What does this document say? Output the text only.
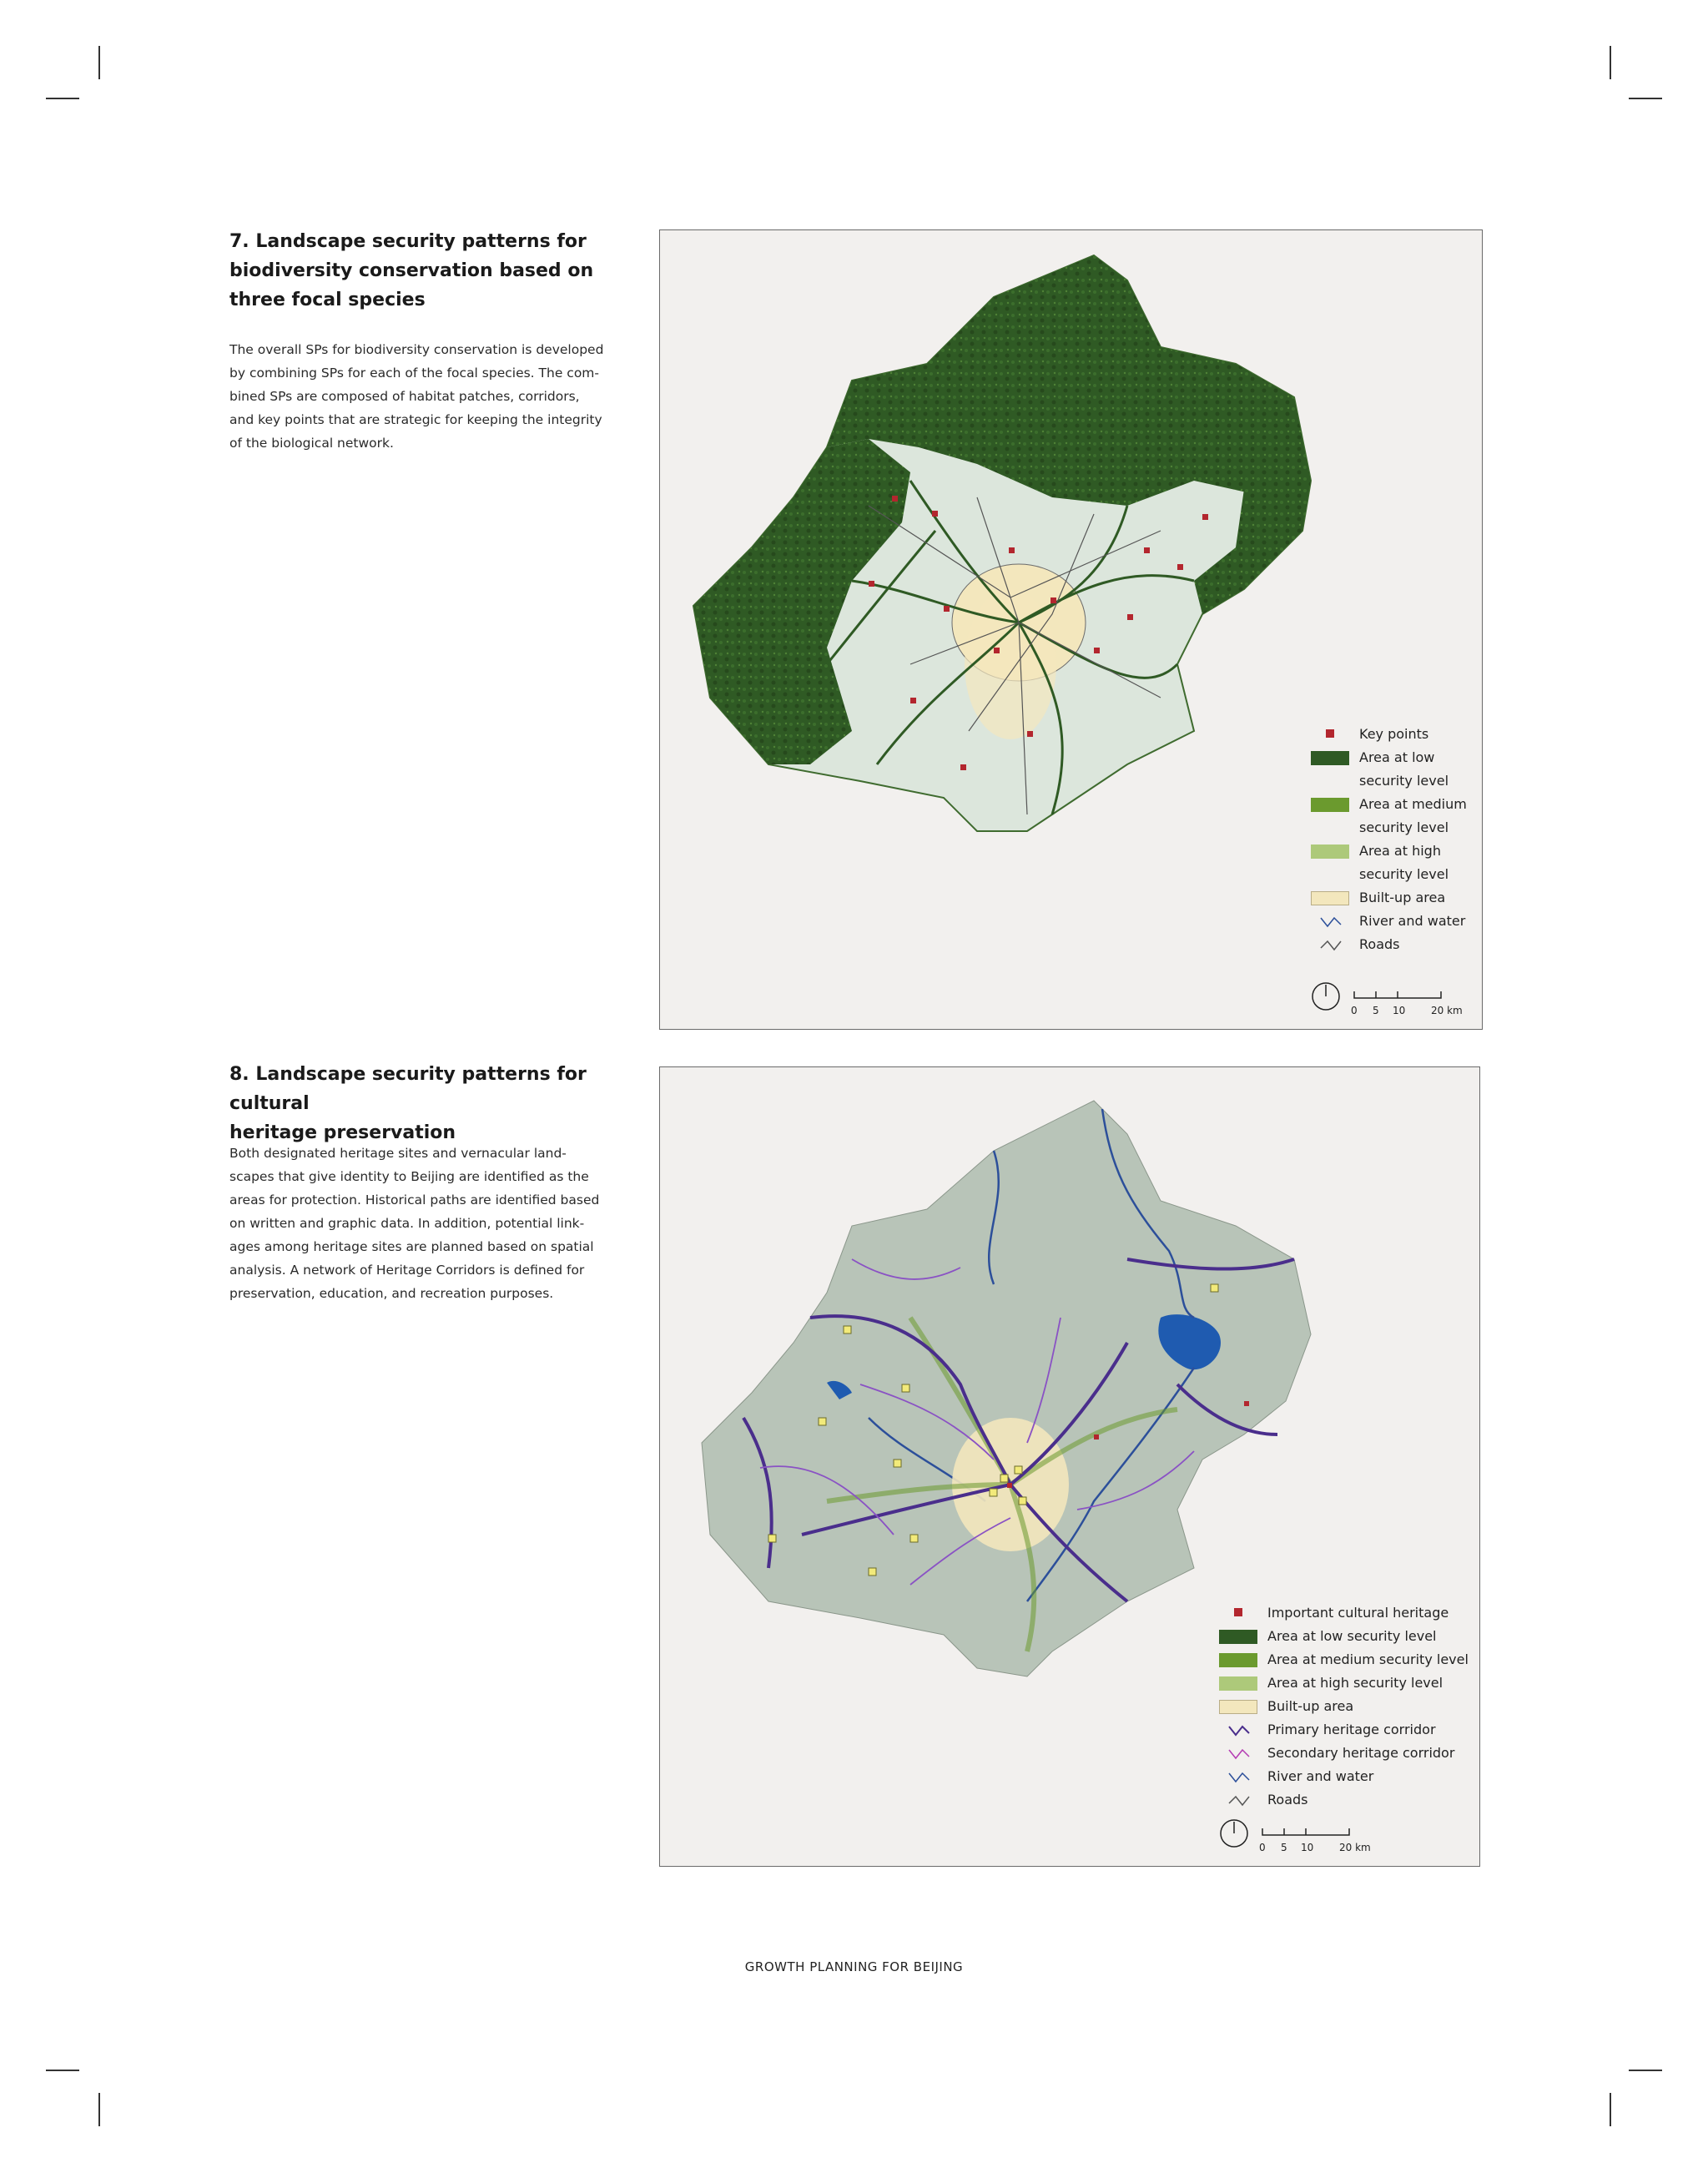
7. Landscape security patterns for
biodiversity conservation based on
three focal species
The overall SPs for biodiversity conservation is developed
by combining SPs for each of the focal species. The com-
bined SPs are composed of habitat patches, corridors,
and key points that are strategic for keeping the integrity
of the biological network.
Key points
Area at low
security level
Area at medium
security level
Area at high
security level
Built-up area
River and water
Roads
0 5 10	20 km
8. Landscape security patterns for cultural
heritage preservation
Both designated heritage sites and vernacular land-
scapes that give identity to Beijing are identified as the
areas for protection. Historical paths are identified based
on written and graphic data. In addition, potential link-
ages among heritage sites are planned based on spatial
analysis. A network of Heritage Corridors is defined for
preservation, education, and recreation purposes.
Important cultural heritage
Area at low security level
Area at medium security level
Area at high security level
Built-up area
Primary heritage corridor
Secondary heritage corridor
River and water
Roads
0 5 10	20 km
GROWTH PLANNING FOR BEIJING
